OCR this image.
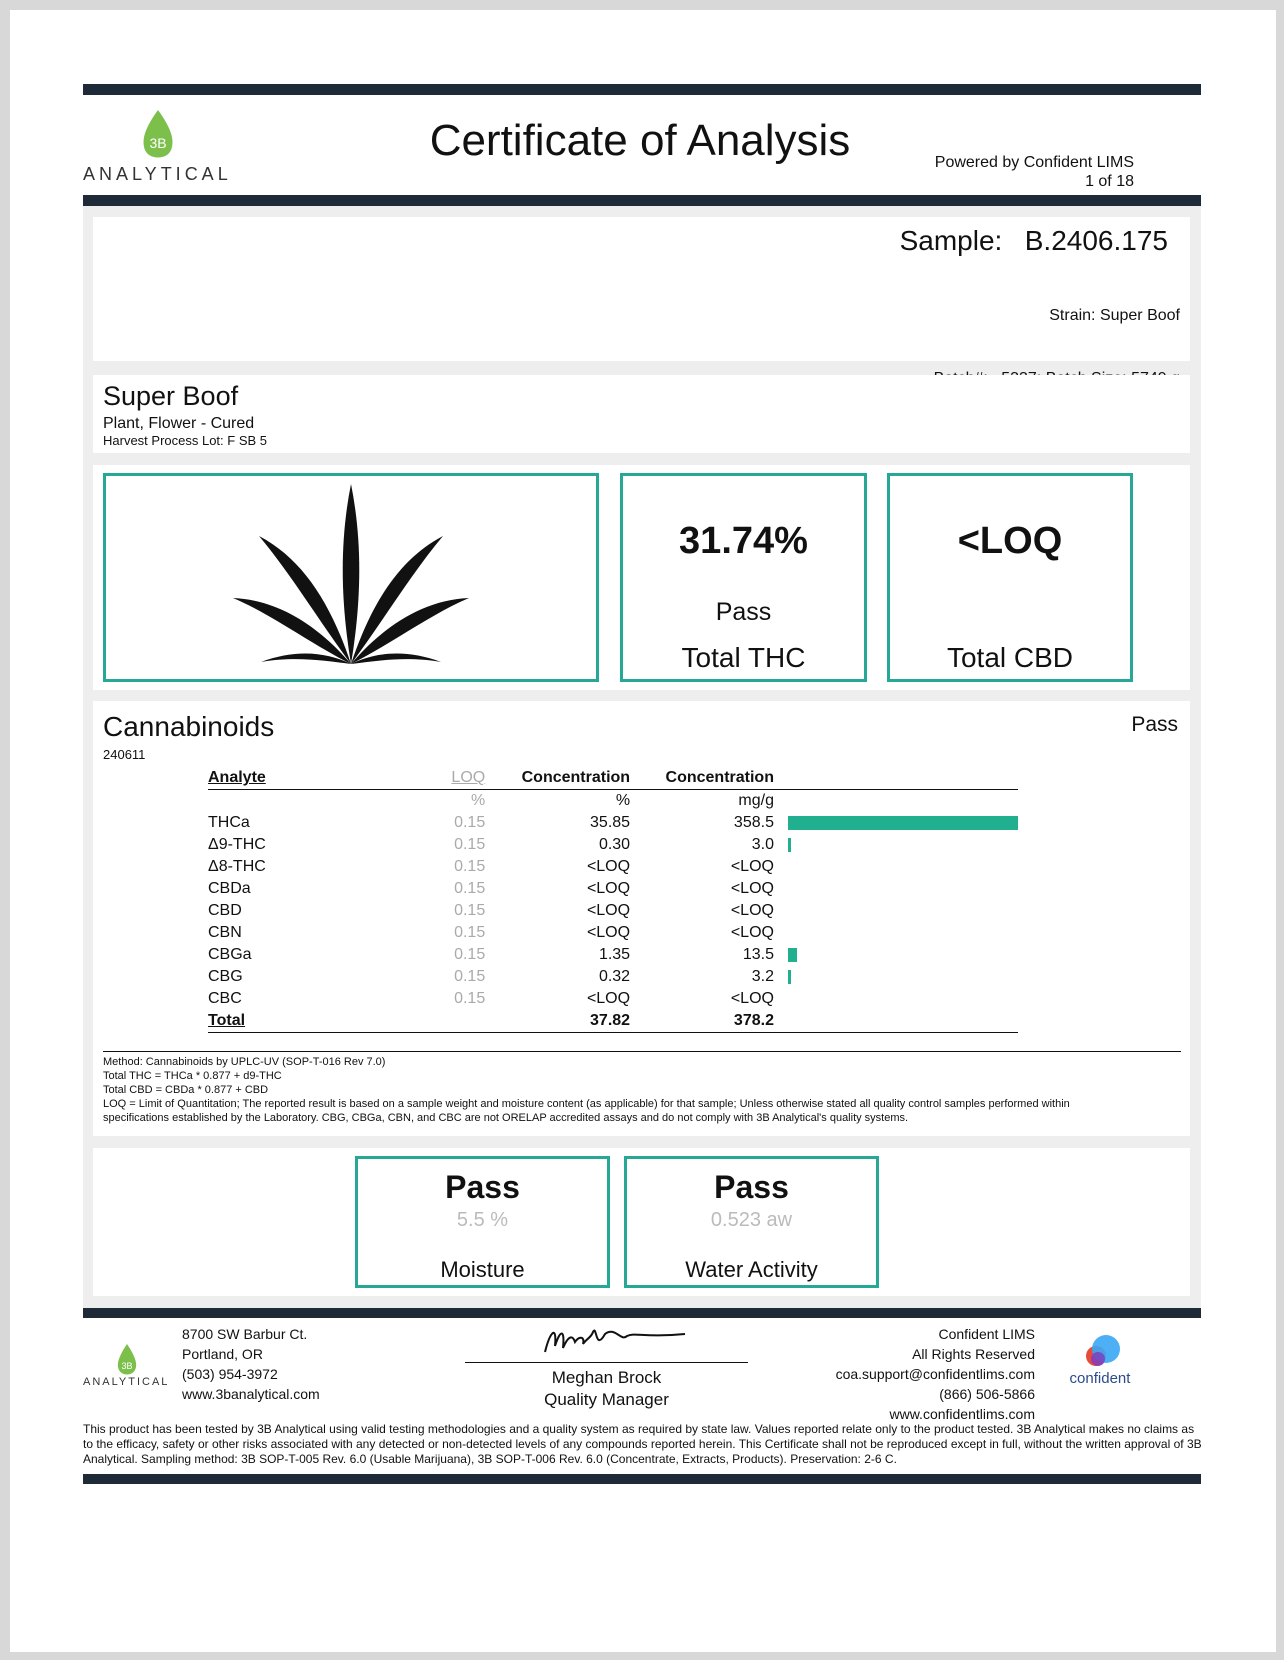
3B
ANALYTICAL
Certificate of Analysis	Powered by Confident LIMS
1 of 18
Sample: B.2406.175

Strain: Super Boof

Super Boof
Plant, Flower - Cured
Harvest Process Lot: F SB 5
31.74%
Pass
Total THC
<LOQ
Total CBD
Cannabinoids
240611
Pass
Analyte	LOQ	Concentration	Concentration	
	%	%	mg/g	
THCa	0.15	35.85	358.5	

Δ9-THC	0.15	0.30	3.0	

Δ8-THC	0.15	<LOQ	<LOQ	
CBDa	0.15	<LOQ	<LOQ	
CBD	0.15	<LOQ	<LOQ	
CBN	0.15	<LOQ	<LOQ	
CBGa	0.15	1.35	13.5	

CBG	0.15	0.32	3.2	

CBC	0.15	<LOQ	<LOQ	
Total		37.82	378.2	
Method: Cannabinoids by UPLC-UV (SOP-T-016 Rev 7.0)
Total THC = THCa * 0.877 + d9-THC
Total CBD = CBDa * 0.877 + CBD
LOQ = Limit of Quantitation; The reported result is based on a sample weight and moisture content (as applicable) for that sample; Unless otherwise stated all quality control samples performed within specifications established by the Laboratory. CBG, CBGa, CBN, and CBC are not ORELAP accredited assays and do not comply with 3B Analytical's quality systems.
Pass
5.5 %
Moisture
Pass
0.523 aw
Water Activity
3B
ANALYTICAL
8700 SW Barbur Ct.
Portland, OR
(503) 954-3972
www.3banalytical.com
Meghan Brock
Quality Manager
Confident LIMS
All Rights Reserved
coa.support@confidentlims.com
(866) 506-5866
www.confidentlims.com
confident
This product has been tested by 3B Analytical using valid testing methodologies and a quality system as required by state law. Values reported relate only to the product tested. 3B Analytical makes no claims as to the efficacy, safety or other risks associated with any detected or non-detected levels of any compounds reported herein. This Certificate shall not be reproduced except in full, without the written approval of 3B Analytical. Sampling method: 3B SOP-T-005 Rev. 6.0 (Usable Marijuana), 3B SOP-T-006 Rev. 6.0 (Concentrate, Extracts, Products). Preservation: 2-6 C.
